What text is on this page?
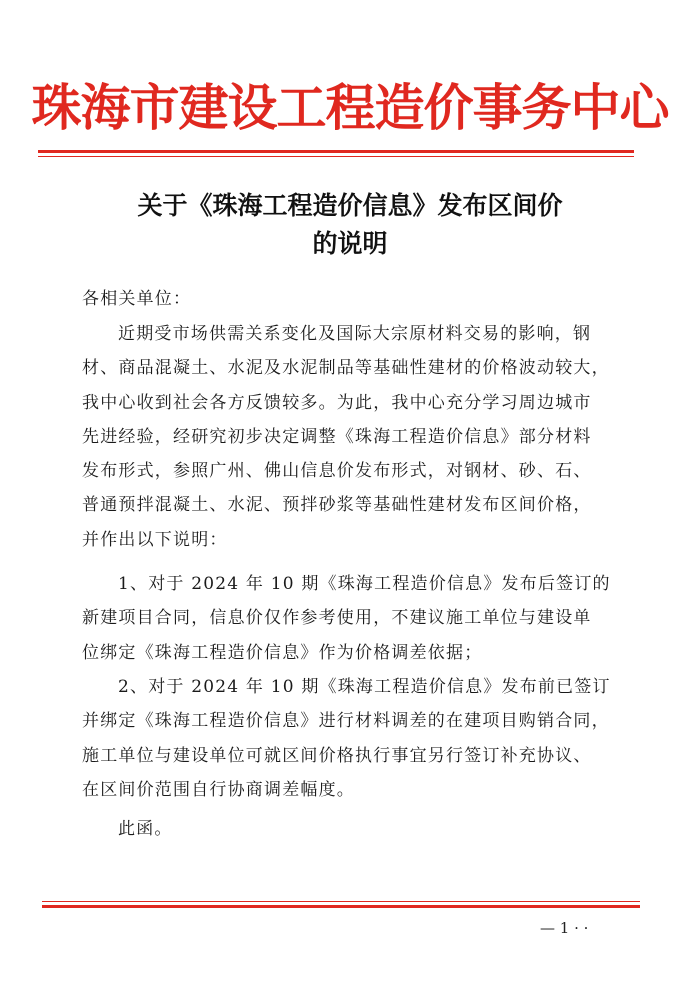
珠海市建设工程造价事务中心
关于《珠海工程造价信息》发布区间价
的说明
各相关单位：
近期受市场供需关系变化及国际大宗原材料交易的影响，钢
材、商品混凝土、水泥及水泥制品等基础性建材的价格波动较大，
我中心收到社会各方反馈较多。为此，我中心充分学习周边城市
先进经验，经研究初步决定调整《珠海工程造价信息》部分材料
发布形式，参照广州、佛山信息价发布形式，对钢材、砂、石、
普通预拌混凝土、水泥、预拌砂浆等基础性建材发布区间价格，
并作出以下说明：
1、对于 2024 年 10 期《珠海工程造价信息》发布后签订的
新建项目合同，信息价仅作参考使用，不建议施工单位与建设单
位绑定《珠海工程造价信息》作为价格调差依据；
2、对于 2024 年 10 期《珠海工程造价信息》发布前已签订
并绑定《珠海工程造价信息》进行材料调差的在建项目购销合同，
施工单位与建设单位可就区间价格执行事宜另行签订补充协议、
在区间价范围自行协商调差幅度。
此函。
— 1 · ·
